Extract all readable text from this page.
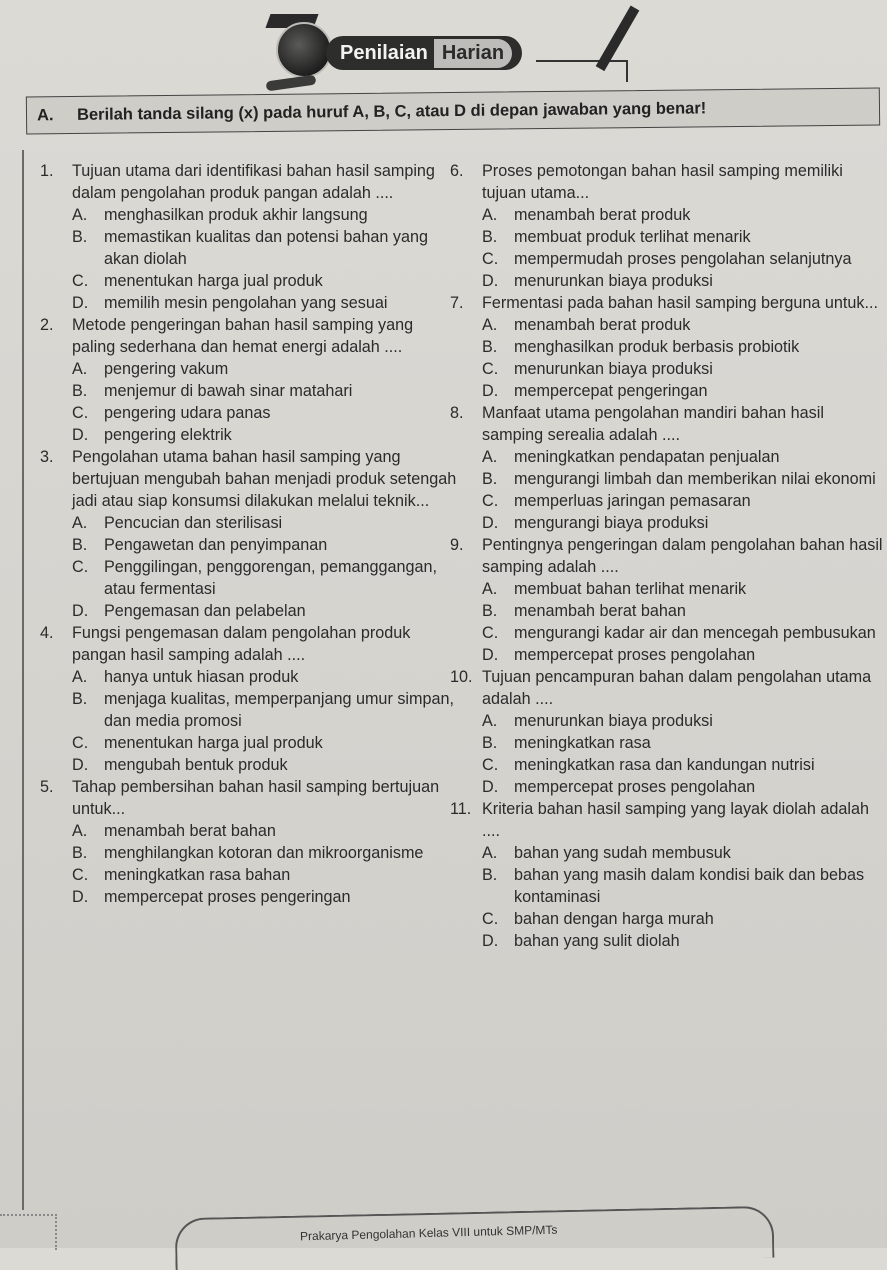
Penilaian Harian
A.	Berilah tanda silang (x) pada huruf A, B, C, atau D di depan jawaban yang benar!
1.	Tujuan utama dari identifikasi bahan hasil samping dalam pengolahan produk pangan adalah ....
A.	menghasilkan produk akhir langsung
B.	memastikan kualitas dan potensi bahan yang akan diolah
C. menentukan harga jual produk
D. memilih mesin pengolahan yang sesuai
2.	Metode pengeringan bahan hasil samping yang paling sederhana dan hemat energi adalah ....
A.	pengering vakum
B.	menjemur di bawah sinar matahari
C. pengering udara panas
D. pengering elektrik
3.	Pengolahan utama bahan hasil samping yang bertujuan mengubah bahan menjadi produk setengah jadi atau siap konsumsi dilakukan melalui teknik...
A.	Pencucian dan sterilisasi
B.	Pengawetan dan penyimpanan
C. Penggilingan, penggorengan, pemanggangan, atau fermentasi
D. Pengemasan dan pelabelan
4.	Fungsi pengemasan dalam pengolahan produk pangan hasil samping adalah ....
A.	hanya untuk hiasan produk
B.	menjaga kualitas, memperpanjang umur simpan, dan media promosi
C. menentukan harga jual produk
D. mengubah bentuk produk
5.	Tahap pembersihan bahan hasil samping bertujuan untuk...
A.	menambah berat bahan
B.	menghilangkan kotoran dan mikroorganisme
C. meningkatkan rasa bahan
D. mempercepat proses pengeringan
6.	Proses pemotongan bahan hasil samping memiliki tujuan utama...
A.	menambah berat produk
B.	membuat produk terlihat menarik
C. mempermudah proses pengolahan selanjutnya
D. menurunkan biaya produksi
7.	Fermentasi pada bahan hasil samping berguna untuk...
A.	menambah berat produk
B.	menghasilkan produk berbasis probiotik
C. menurunkan biaya produksi
D. mempercepat pengeringan
8.	Manfaat utama pengolahan mandiri bahan hasil samping serealia adalah ....
A.	meningkatkan pendapatan penjualan
B.	mengurangi limbah dan memberikan nilai ekonomi
C. memperluas jaringan pemasaran
D. mengurangi biaya produksi
9.	Pentingnya pengeringan dalam pengolahan bahan hasil samping adalah ....
A.	membuat bahan terlihat menarik
B.	menambah berat bahan
C. mengurangi kadar air dan mencegah pembusukan
D. mempercepat proses pengolahan
10. Tujuan pencampuran bahan dalam pengolahan utama adalah ....
A.	menurunkan biaya produksi
B.	meningkatkan rasa
C. meningkatkan rasa dan kandungan nutrisi
D. mempercepat proses pengolahan
11. Kriteria bahan hasil samping yang layak diolah adalah ....
A.	bahan yang sudah membusuk
B.	bahan yang masih dalam kondisi baik dan bebas kontaminasi
C. bahan dengan harga murah
D. bahan yang sulit diolah
Prakarya Pengolahan Kelas VIII untuk SMP/MTs
